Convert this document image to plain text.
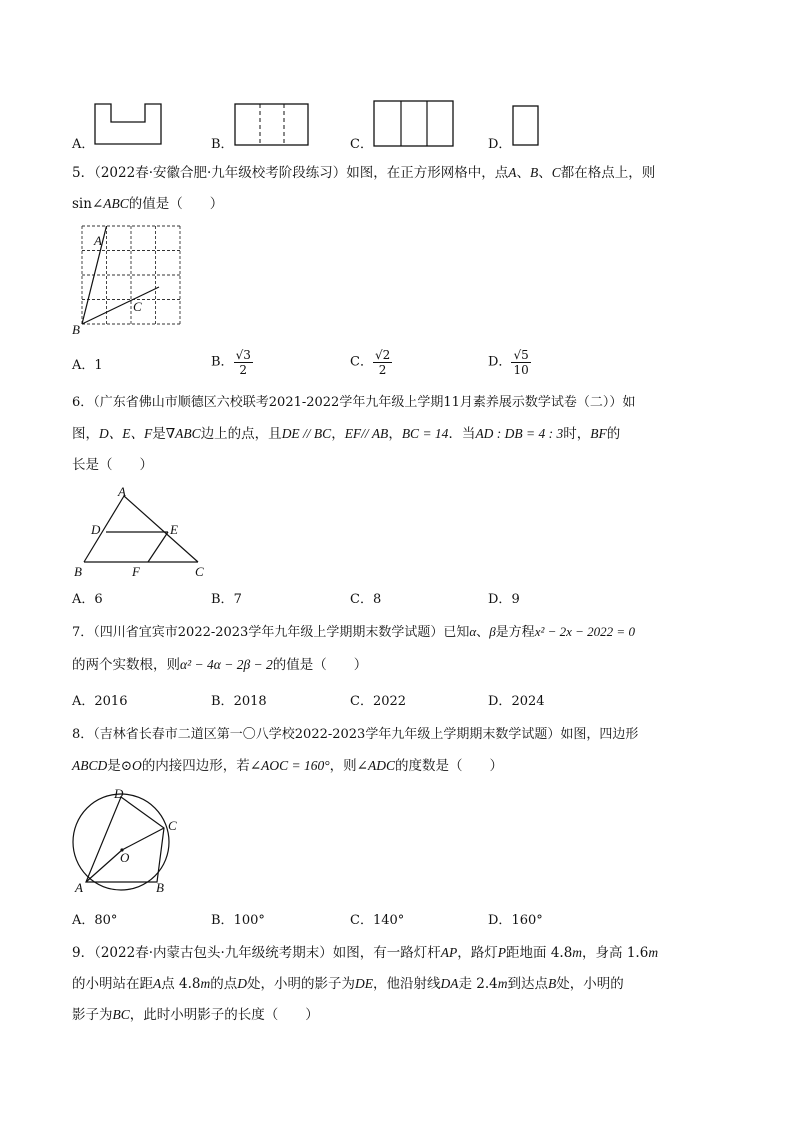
A．	B．	C．	D．
5．（2022春·安徽合肥·九年级校考阶段练习）如图，在正方形网格中，点A、B、C都在格点上，则
sin∠ABC的值是（　　）
A
B
C
A．1	B． $\frac{√3}{2}$	C． $\frac{√2}{2}$	D． $\frac{√5}{10}$
6．（广东省佛山市顺德区六校联考2021-2022学年九年级上学期11月素养展示数学试卷（二））如
图，D、E、F是∇ABC边上的点，且DE // BC，EF// AB，BC = 14．当AD : DB = 4 : 3时，BF的
长是（　　）
A
D	E
B	F	C
A．6	B．7	C．8	D．9
7．（四川省宜宾市2022-2023学年九年级上学期期末数学试题）已知α、β是方程x² − 2x − 2022 = 0
的两个实数根，则α² − 4α − 2β − 2的值是（　　）
A．2016	B．2018	C．2022	D．2024
8．（吉林省长春市二道区第一〇八学校2022-2023学年九年级上学期期末数学试题）如图，四边形
ABCD是⊙O的内接四边形，若∠AOC = 160°，则∠ADC的度数是（　　）
D
C
O
A	B
A．80°	B．100°	C．140°	D．160°
9．（2022春·内蒙古包头·九年级统考期末）如图，有一路灯杆AP，路灯P距地面 4.8m，身高 1.6m
的小明站在距A点 4.8m的点D处，小明的影子为DE，他沿射线DA走 2.4m到达点B处，小明的
影子为BC，此时小明影子的长度（　　）
